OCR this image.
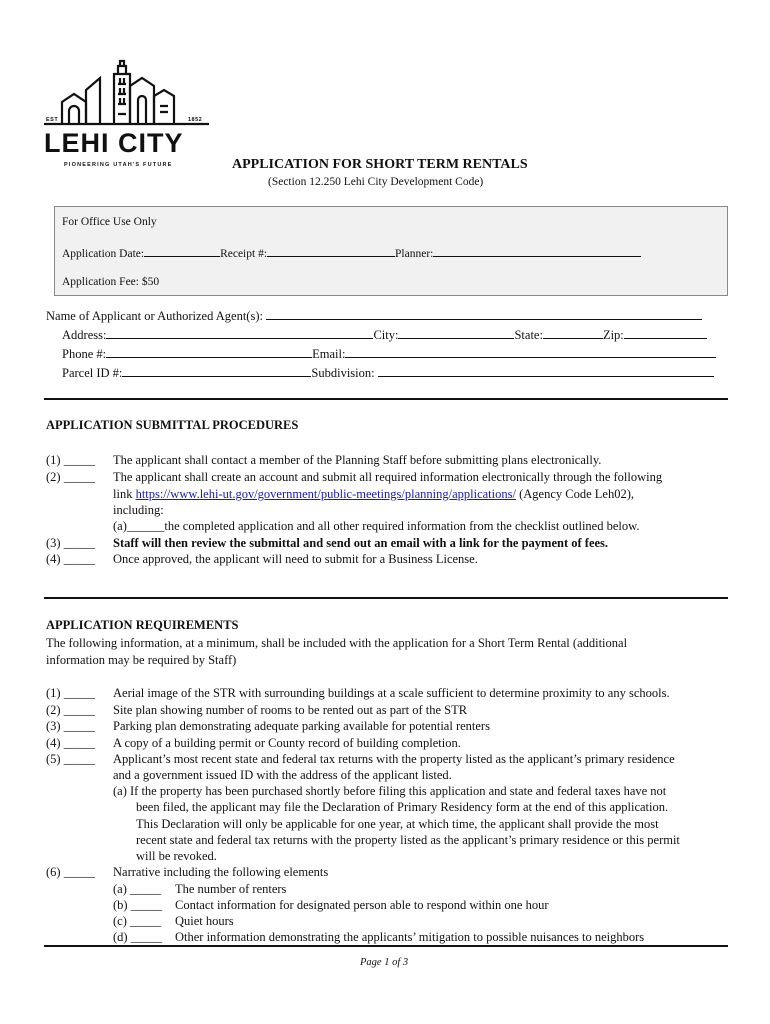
EST	1852
LEHI CITY
PIONEERING UTAH'S FUTURE	APPLICATION FOR SHORT TERM RENTALS
(Section 12.250 Lehi City Development Code)
For Office Use Only
Application Date:	Receipt #:	Planner:
Application Fee: $50
Name of Applicant or Authorized Agent(s):
Address:	City:	State:	Zip:
Phone #:	Email:
Parcel ID #:	Subdivision:
APPLICATION SUBMITTAL PROCEDURES
(1) _____ The applicant shall contact a member of the Planning Staff before submitting plans electronically.
(2) _____ The applicant shall create an account and submit all required information electronically through the following
link https://www.lehi-ut.gov/government/public-meetings/planning/applications/ (Agency Code Leh02),
including:
(a)______the completed application and all other required information from the checklist outlined below.
(3) _____ Staff will then review the submittal and send out an email with a link for the payment of fees.
(4) _____ Once approved, the applicant will need to submit for a Business License.
APPLICATION REQUIREMENTS
The following information, at a minimum, shall be included with the application for a Short Term Rental (additional
information may be required by Staff)
(1) _____ Aerial image of the STR with surrounding buildings at a scale sufficient to determine proximity to any schools.
(2) _____ Site plan showing number of rooms to be rented out as part of the STR
(3) _____ Parking plan demonstrating adequate parking available for potential renters
(4) _____ A copy of a building permit or County record of building completion.
(5) _____ Applicant’s most recent state and federal tax returns with the property listed as the applicant’s primary residence
and a government issued ID with the address of the applicant listed.
(a) If the property has been purchased shortly before filing this application and state and federal taxes have not
been filed, the applicant may file the Declaration of Primary Residency form at the end of this application.
This Declaration will only be applicable for one year, at which time, the applicant shall provide the most
recent state and federal tax returns with the property listed as the applicant’s primary residence or this permit
will be revoked.
(6) _____ Narrative including the following elements
(a) _____ The number of renters
(b) _____ Contact information for designated person able to respond within one hour
(c) _____ Quiet hours
(d) _____ Other information demonstrating the applicants’ mitigation to possible nuisances to neighbors
Page 1 of 3
